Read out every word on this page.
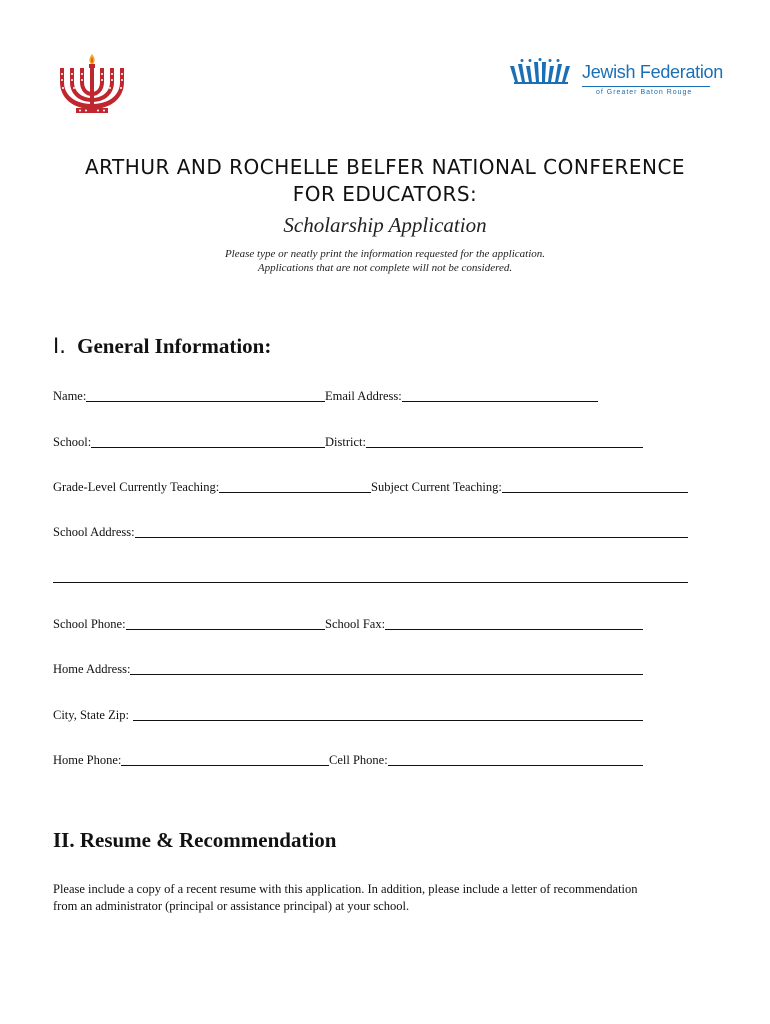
Jewish Federation
of Greater Baton Rouge
ARTHUR AND ROCHELLE BELFER NATIONAL CONFERENCE
FOR EDUCATORS:
Scholarship Application
Please type or neatly print the information requested for the application.
Applications that are not complete will not be considered.
I. General Information:
Name:	Email Address:
School:	District:
Grade-Level Currently Teaching:	Subject Current Teaching:
School Address:
School Phone:	School Fax:
Home Address:
City, State Zip:
Home Phone:	Cell Phone:
II. Resume & Recommendation
Please include a copy of a recent resume with this application. In addition, please include a letter of recommendation
from an administrator (principal or assistance principal) at your school.
